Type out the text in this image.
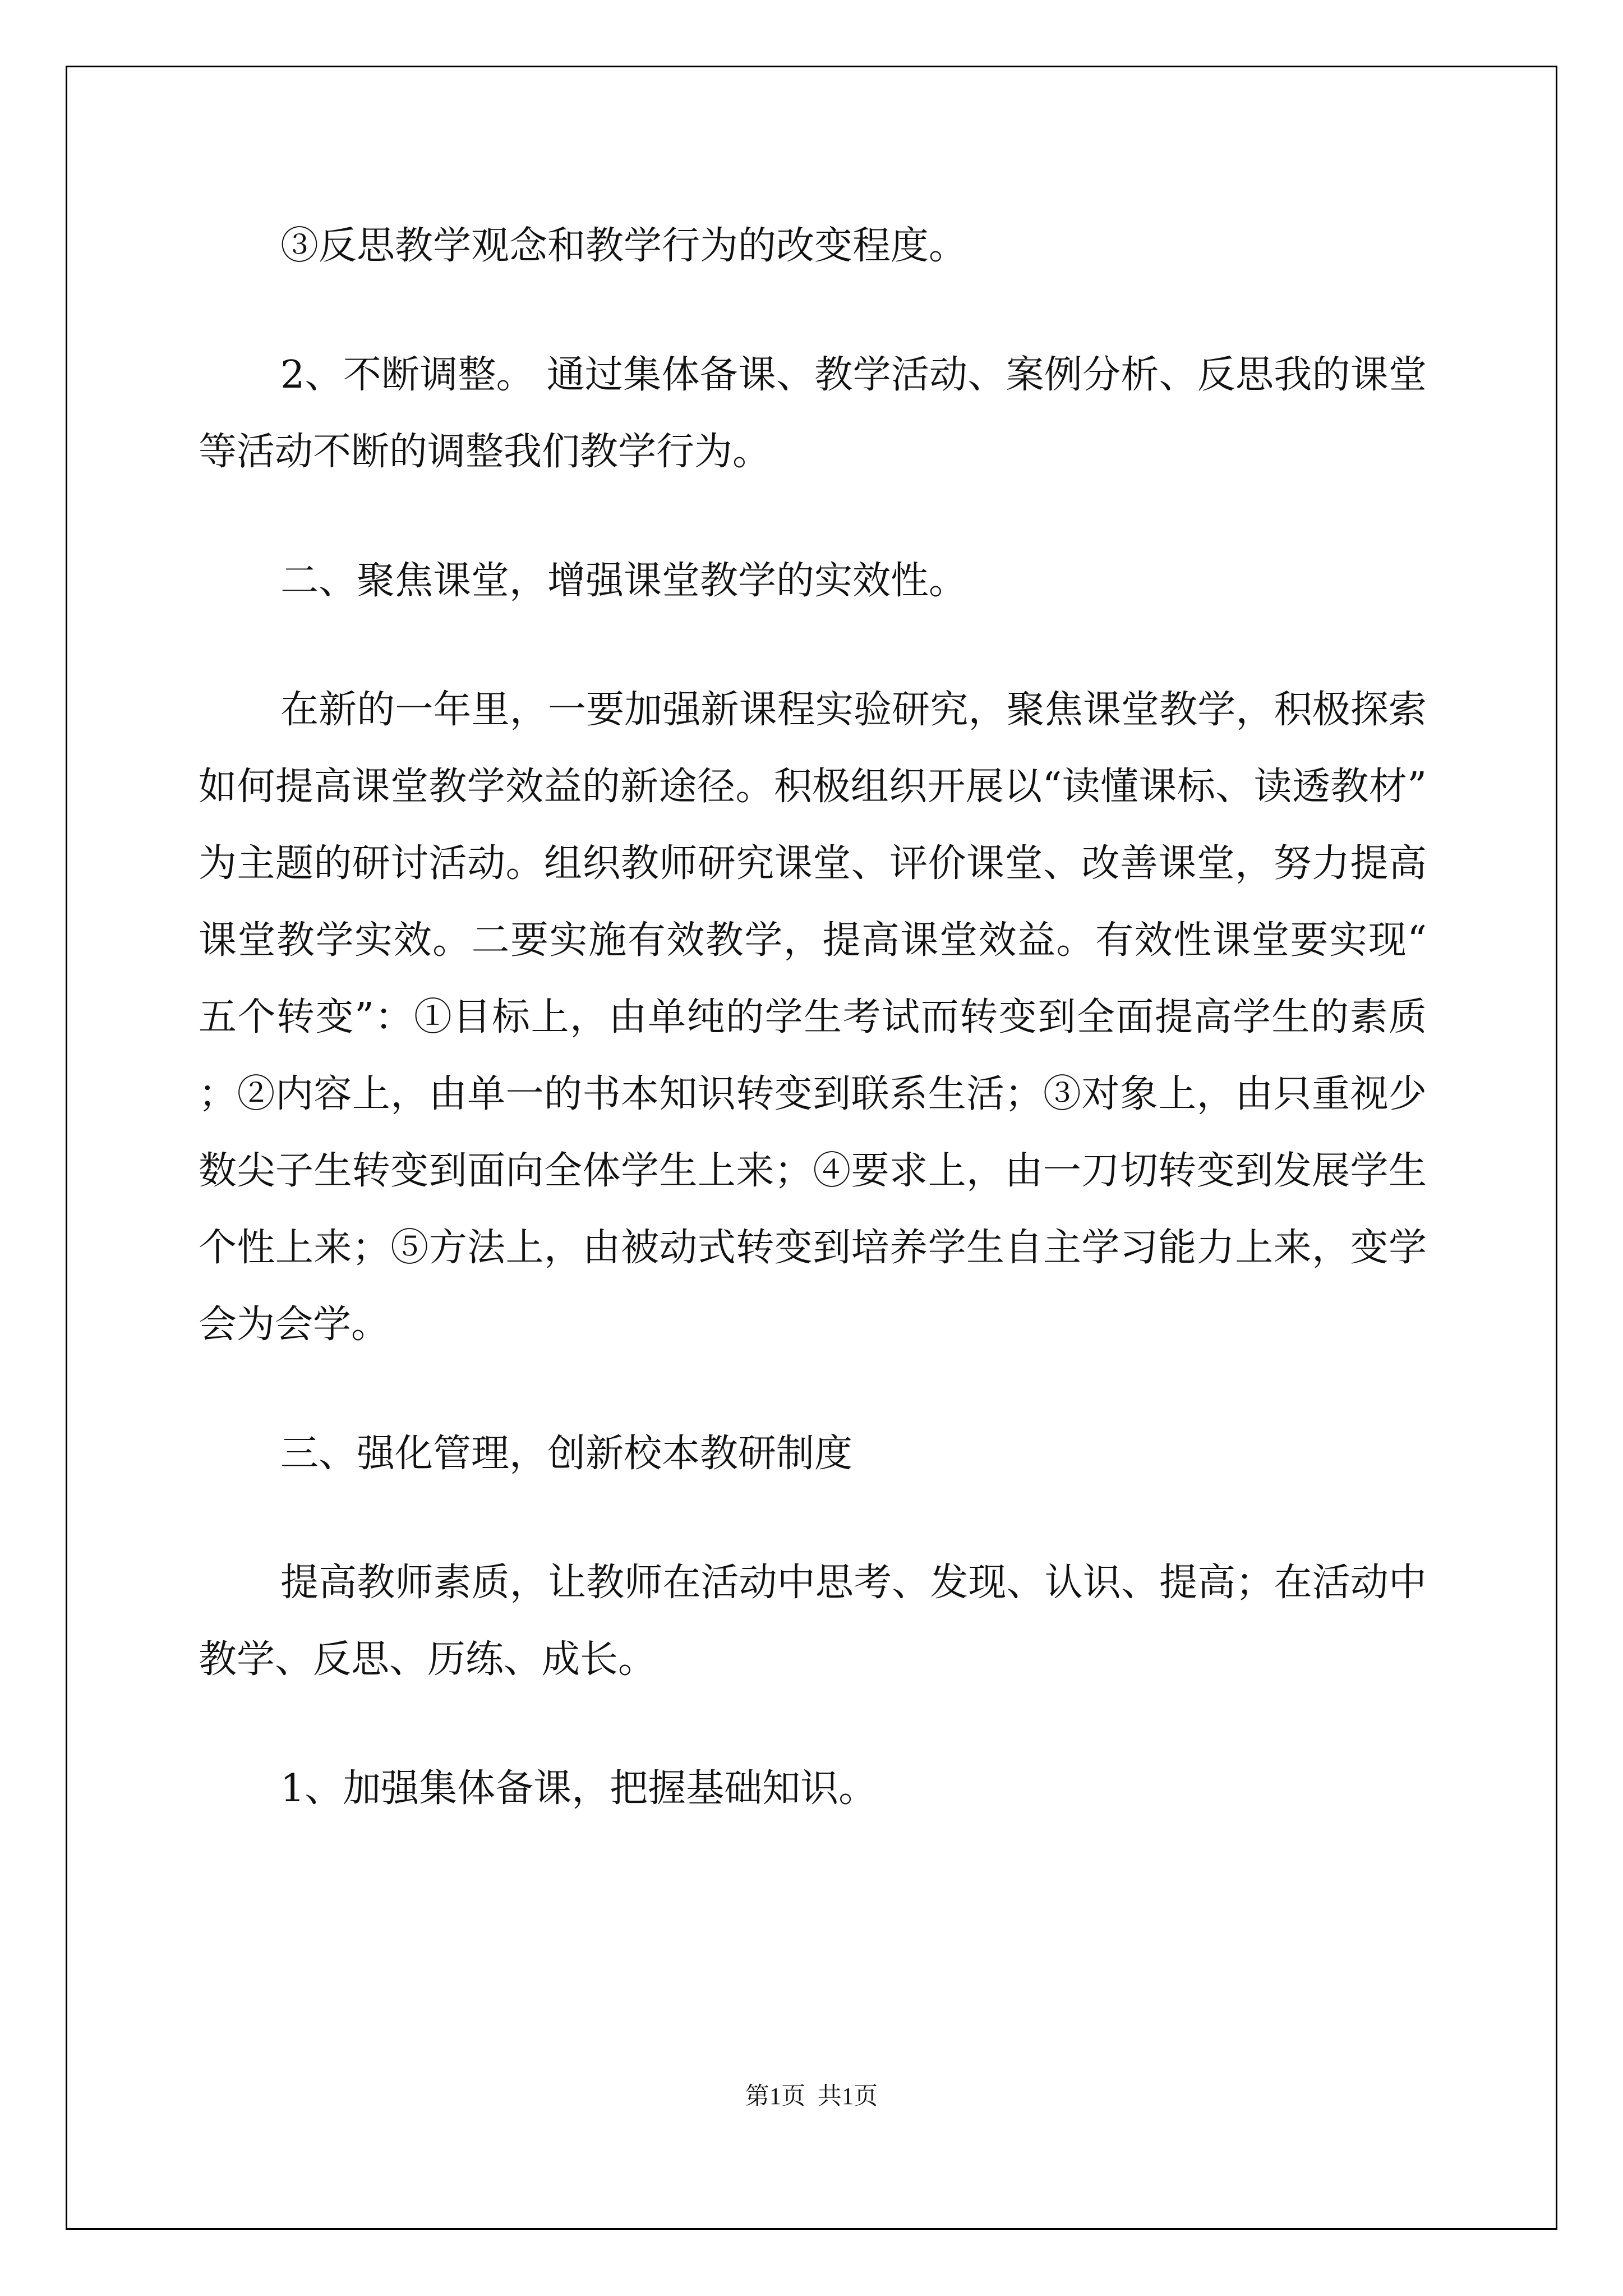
③反思教学观念和教学行为的改变程度。

2、不断调整。 通过集体备课、教学活动、案例分析、反思我的课堂等活动不断的调整我们教学行为。

二、聚焦课堂，增强课堂教学的实效性。

在新的一年里，一要加强新课程实验研究，聚焦课堂教学，积极探索如何提高课堂教学效益的新途径。积极组织开展以“读懂课标、读透教材”为主题的研讨活动。组织教师研究课堂、评价课堂、改善课堂，努力提高课堂教学实效。二要实施有效教学，提高课堂效益。有效性课堂要实现“五个转变”：①目标上，由单纯的学生考试而转变到全面提高学生的素质；②内容上，由单一的书本知识转变到联系生活；③对象上，由只重视少数尖子生转变到面向全体学生上来；④要求上，由一刀切转变到发展学生个性上来；⑤方法上，由被动式转变到培养学生自主学习能力上来，变学会为会学。

三、强化管理，创新校本教研制度

提高教师素质，让教师在活动中思考、发现、认识、提高；在活动中教学、反思、历练、成长。

1、加强集体备课，把握基础知识。

第1页  共1页
